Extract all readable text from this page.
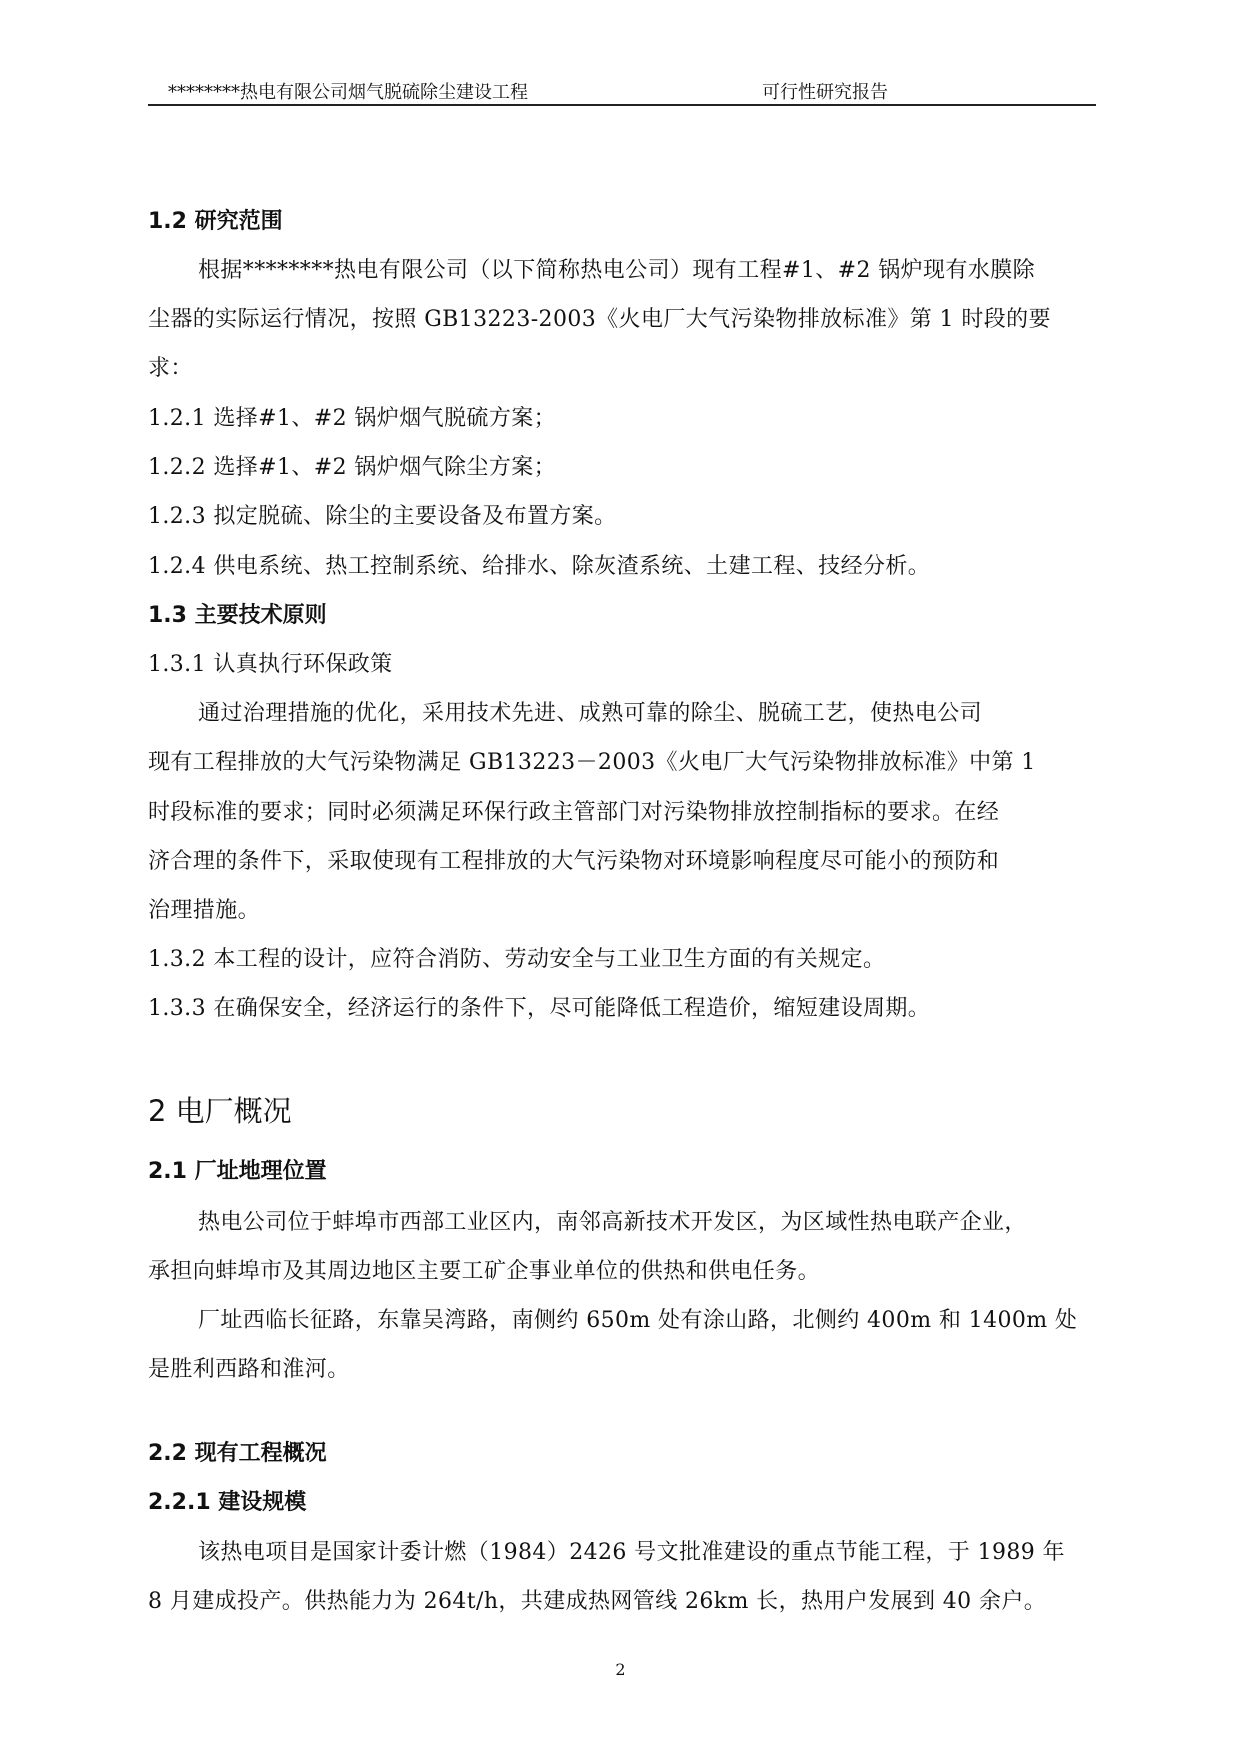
********热电有限公司烟气脱硫除尘建设工程	可行性研究报告
1.2 研究范围
根据********热电有限公司（以下简称热电公司）现有工程#1、#2 锅炉现有水膜除
尘器的实际运行情况，按照 GB13223-2003《火电厂大气污染物排放标准》第 1 时段的要
求：
1.2.1 选择#1、#2 锅炉烟气脱硫方案；
1.2.2 选择#1、#2 锅炉烟气除尘方案；
1.2.3 拟定脱硫、除尘的主要设备及布置方案。
1.2.4 供电系统、热工控制系统、给排水、除灰渣系统、土建工程、技经分析。
1.3 主要技术原则
1.3.1 认真执行环保政策
通过治理措施的优化，采用技术先进、成熟可靠的除尘、脱硫工艺，使热电公司
现有工程排放的大气污染物满足 GB13223－2003《火电厂大气污染物排放标准》中第 1
时段标准的要求；同时必须满足环保行政主管部门对污染物排放控制指标的要求。在经
济合理的条件下，采取使现有工程排放的大气污染物对环境影响程度尽可能小的预防和
治理措施。
1.3.2 本工程的设计，应符合消防、劳动安全与工业卫生方面的有关规定。
1.3.3 在确保安全，经济运行的条件下，尽可能降低工程造价，缩短建设周期。
2 电厂概况
2.1 厂址地理位置
热电公司位于蚌埠市西部工业区内，南邻高新技术开发区，为区域性热电联产企业，
承担向蚌埠市及其周边地区主要工矿企事业单位的供热和供电任务。
厂址西临长征路，东靠吴湾路，南侧约 650m 处有涂山路，北侧约 400m 和 1400m 处
是胜利西路和淮河。
2.2 现有工程概况
2.2.1 建设规模
该热电项目是国家计委计燃（1984）2426 号文批准建设的重点节能工程，于 1989 年
8 月建成投产。供热能力为 264t/h，共建成热网管线 26km 长，热用户发展到 40 余户。
2
